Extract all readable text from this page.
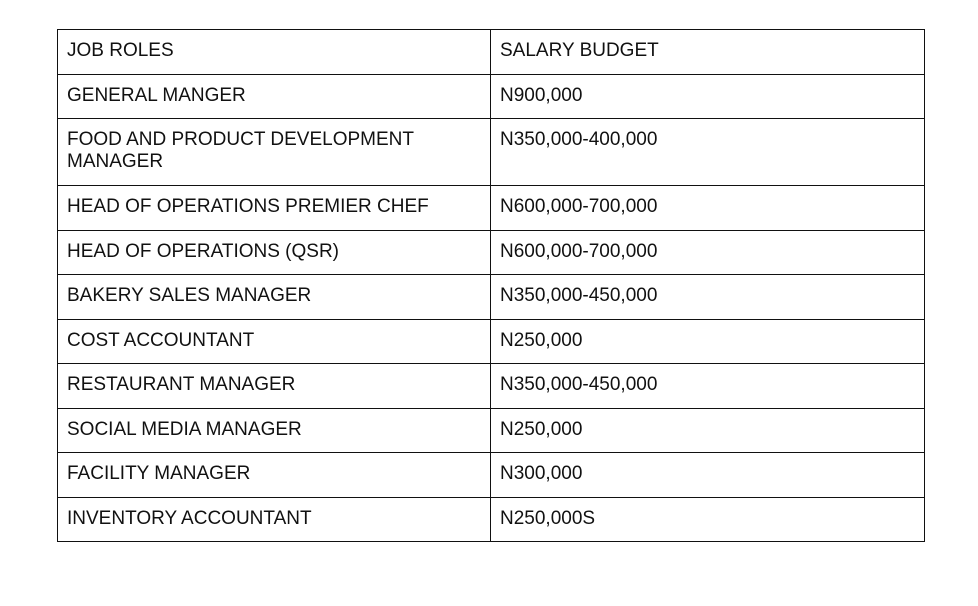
JOB ROLES	SALARY BUDGET

GENERAL MANGER	N900,000

FOOD AND PRODUCT DEVELOPMENT MANAGER	N350,000-400,000

HEAD OF OPERATIONS PREMIER CHEF	N600,000-700,000

HEAD OF OPERATIONS (QSR)	N600,000-700,000

BAKERY SALES MANAGER	N350,000-450,000

COST ACCOUNTANT	N250,000

RESTAURANT MANAGER	N350,000-450,000

SOCIAL MEDIA MANAGER	N250,000

FACILITY MANAGER	N300,000

INVENTORY ACCOUNTANT	N250,000S
